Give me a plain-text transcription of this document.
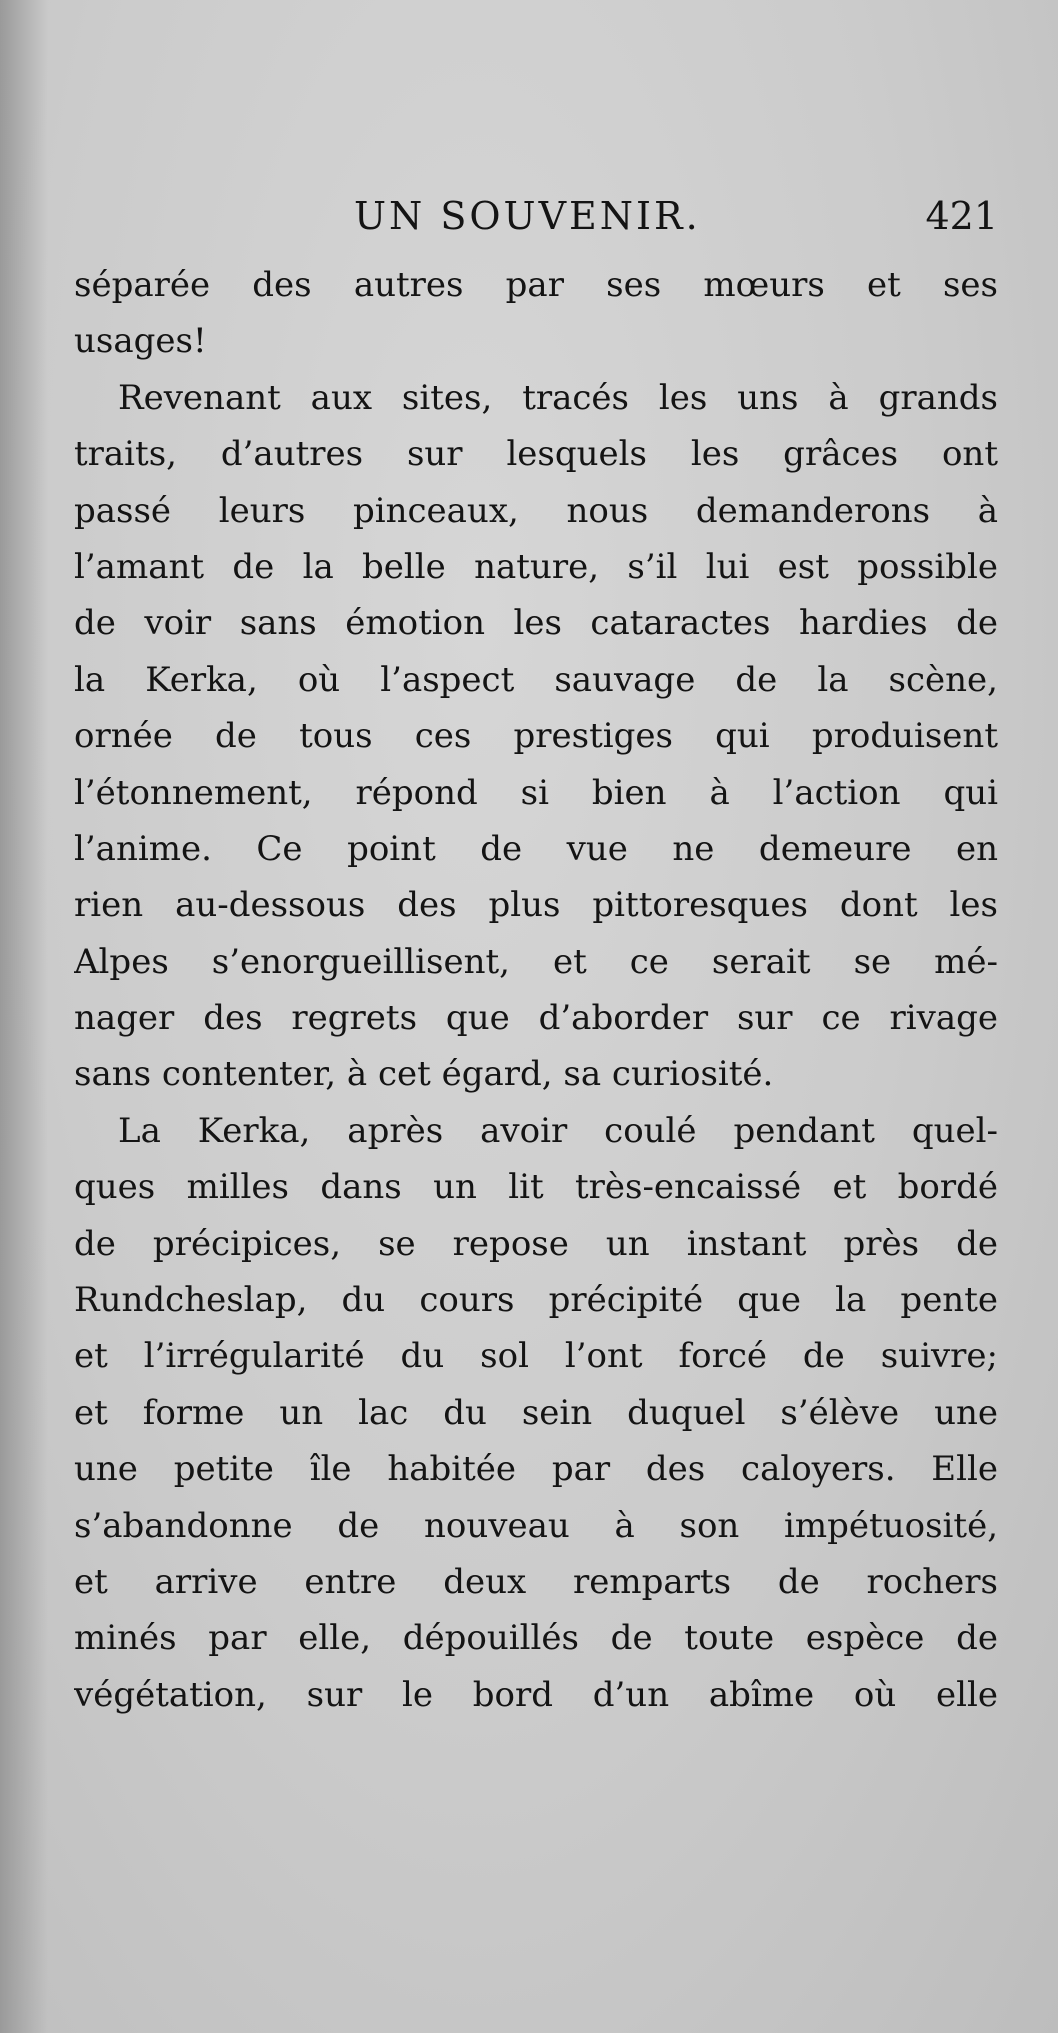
UN SOUVENIR.	421
séparée des autres par ses mœurs et ses
usages!
Revenant aux sites, tracés les uns à grands
traits, d’autres sur lesquels les grâces ont
passé leurs pinceaux, nous demanderons à
l’amant de la belle nature, s’il lui est possible
de voir sans émotion les cataractes hardies de
la Kerka, où l’aspect sauvage de la scène,
ornée de tous ces prestiges qui produisent
l’étonnement, répond si bien à l’action qui
l’anime. Ce point de vue ne demeure en
rien au-dessous des plus pittoresques dont les
Alpes s’enorgueillisent, et ce serait se mé-
nager des regrets que d’aborder sur ce rivage
sans contenter, à cet égard, sa curiosité.
La Kerka, après avoir coulé pendant quel-
ques milles dans un lit très-encaissé et bordé
de précipices, se repose un instant près de
Rundcheslap, du cours précipité que la pente
et l’irrégularité du sol l’ont forcé de suivre;
et forme un lac du sein duquel s’élève une
une petite île habitée par des caloyers. Elle
s’abandonne de nouveau à son impétuosité,
et arrive entre deux remparts de rochers
minés par elle, dépouillés de toute espèce de
végétation, sur le bord d’un abîme où elle
